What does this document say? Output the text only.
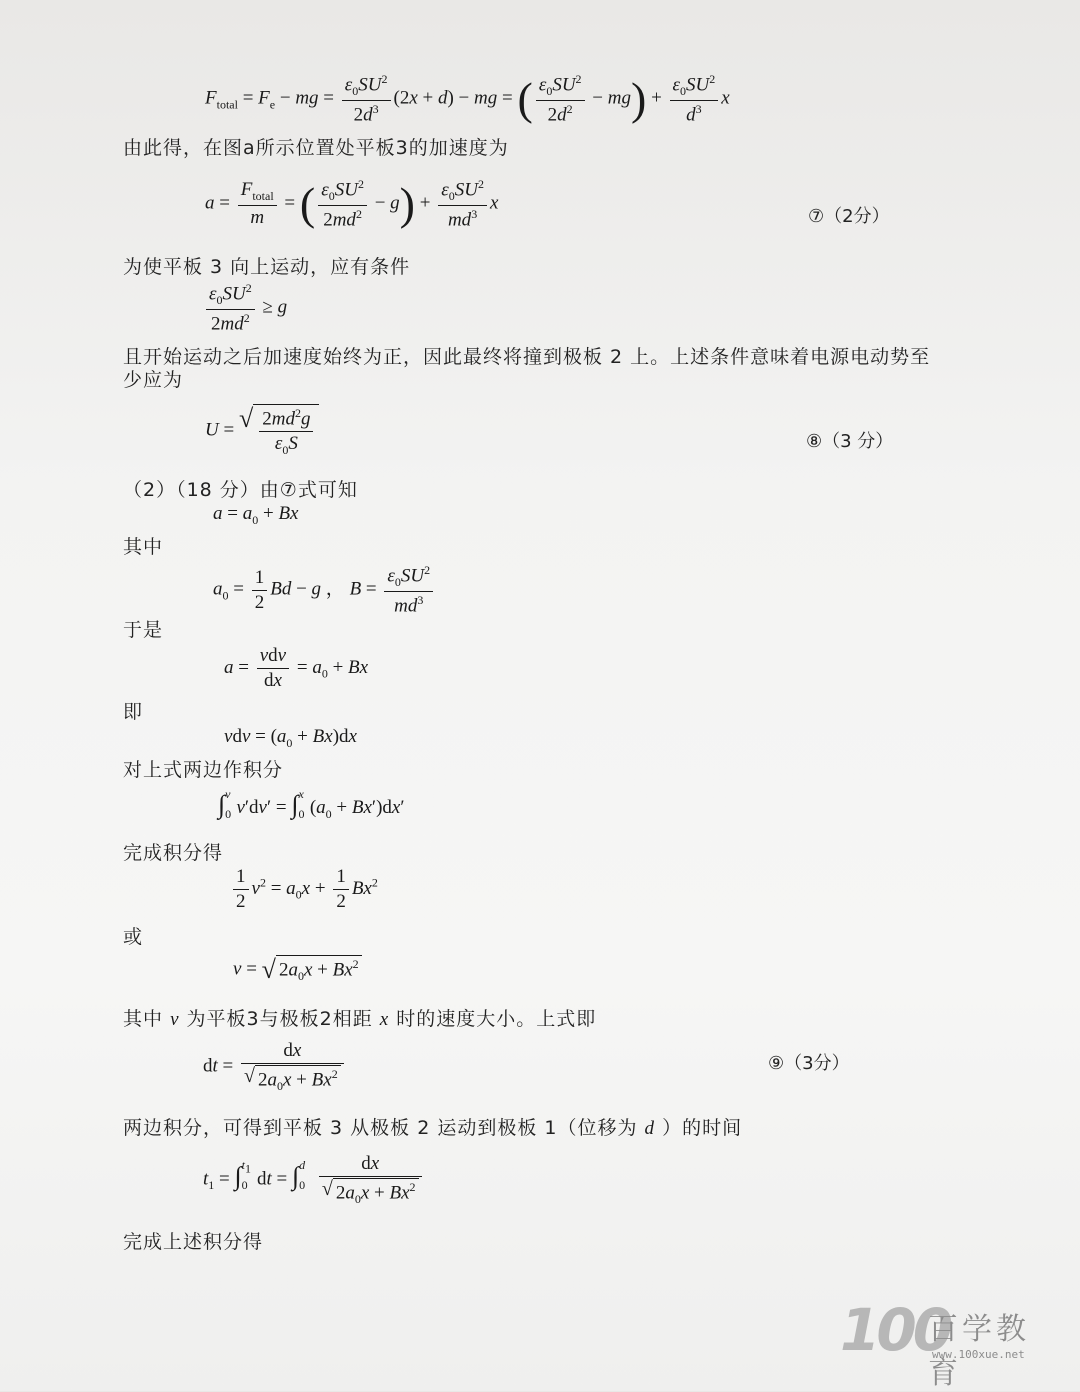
$F_{total} = F_e$ − mg = $\frac{\varepsilon_0SU^2}{2d^3} (2x + d)$ − mg = ( $\frac{\varepsilon_0SU^2}{2d^2} - mg) + \frac{\varepsilon_0SU^2}{d^3}$ x
由此得，在图a所示位置处平板3的加速度为
$a = \frac{F_{total}}{m}$ = ( $\frac{\varepsilon_0SU^2}{2md^2} - g) + \frac{\varepsilon_0SU^2}{md^3}$ x
⑦（2分）
为使平板 3 向上运动，应有条件
$\frac{\varepsilon_0SU^2}{2md^2} \ge g$
且开始运动之后加速度始终为正，因此最终将撞到极板 2 上。上述条件意味着电源电动势至
少应为
U = √ $\frac{2md^2g}{\varepsilon_0S}$	⑧（3 分）
（2）（18 分）由⑦式可知
$a = a_0 + Bx$
其中
$a_0 = \frac{1}{2}$ Bd − g ， $B = \frac{\varepsilon_0SU^2}{md^3}$
于是
$a = \frac{\text{vdv}}{dx} = a_0 + Bx$
即
vdv = $(a_0 + Bx)dx$
对上式两边作积分
$\int_0^vv'dv' = \int_0^x(a_0 + Bx')dx'$
完成积分得
$\frac{1}{2} v^2 = a_0x + \frac{1}{2} Bx^2$
或
v = √ $2a_0x + Bx^2$
其中 v 为平板3与极板2相距 x 时的速度大小。上式即
dt = $\frac{dx}{√ 2a_0x + Bx^2}$	⑨（3分）
两边积分，可得到平板 3 从极板 2 运动到极板 1（位移为 d ）的时间
$t_1 = \int_0^{t_1}$ dt = $\int_0^d \frac{dx}{√ 2a_0x + Bx^2}$
完成上述积分得
100
百学教育
www.100xue.net
